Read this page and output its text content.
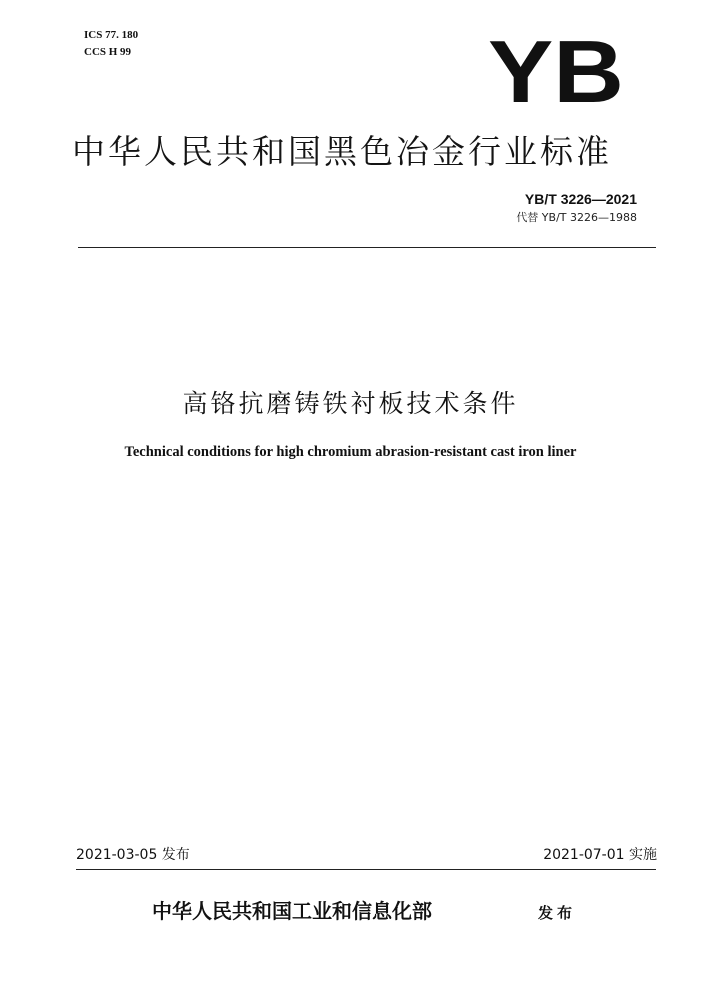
ICS 77. 180
CCS H 99	YB
中华人民共和国黑色冶金行业标准
YB/T 3226—2021
代替 YB/T 3226—1988
高铬抗磨铸铁衬板技术条件
Technical conditions for high chromium abrasion-resistant cast iron liner
2021-03-05 发布	2021-07-01 实施
中华人民共和国工业和信息化部	发布
